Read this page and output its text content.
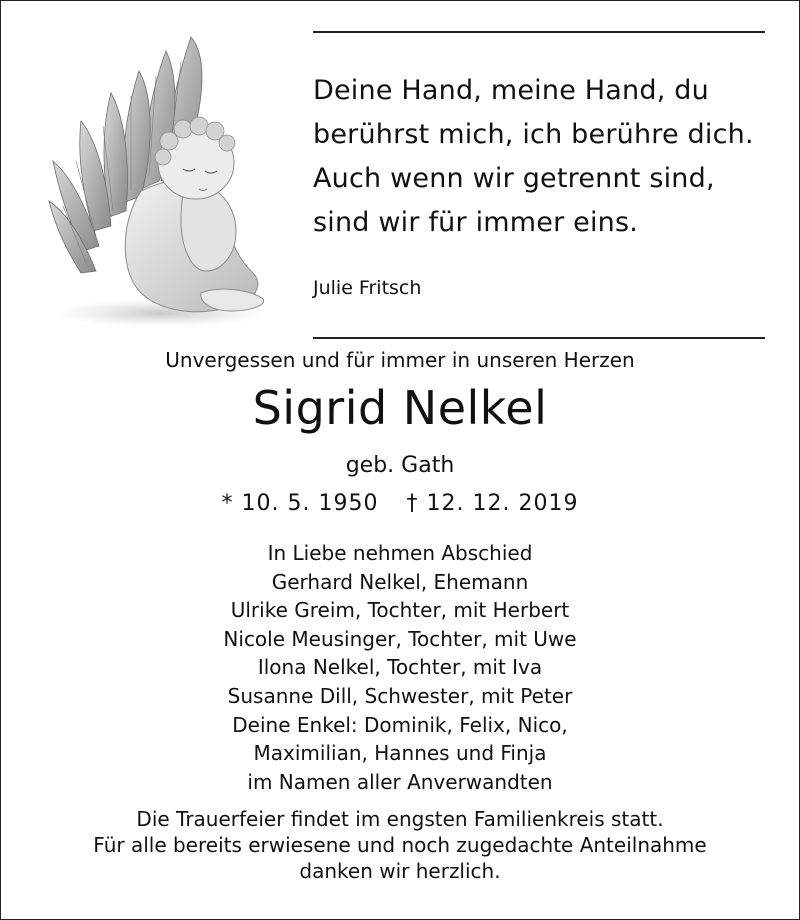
Deine Hand, meine Hand, du
berührst mich, ich berühre dich.
Auch wenn wir getrennt sind,
sind wir für immer eins.
Julie Fritsch
Unvergessen und für immer in unseren Herzen
Sigrid Nelkel
geb. Gath
* 10. 5. 1950 † 12. 12. 2019
In Liebe nehmen Abschied
Gerhard Nelkel, Ehemann
Ulrike Greim, Tochter, mit Herbert
Nicole Meusinger, Tochter, mit Uwe
Ilona Nelkel, Tochter, mit Iva
Susanne Dill, Schwester, mit Peter
Deine Enkel: Dominik, Felix, Nico,
Maximilian, Hannes und Finja
im Namen aller Anverwandten
Die Trauerfeier findet im engsten Familienkreis statt.
Für alle bereits erwiesene und noch zugedachte Anteilnahme
danken wir herzlich.
